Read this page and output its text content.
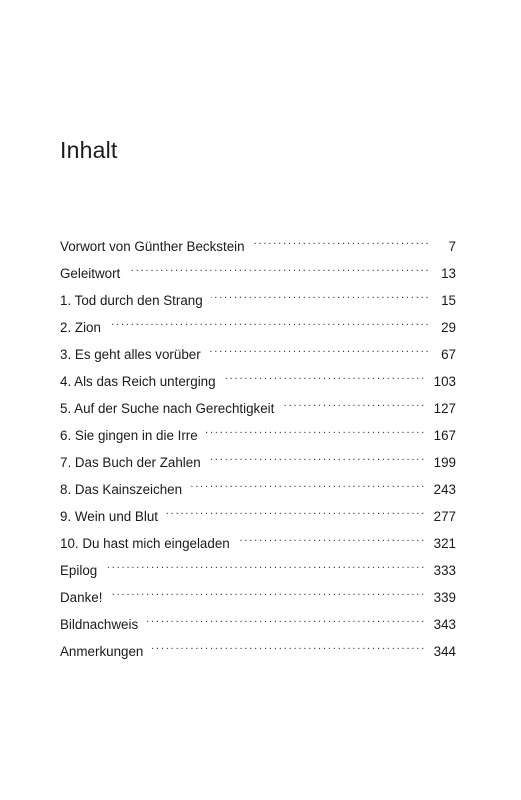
Inhalt
Vorwort von Günther Beckstein . . .	7
Geleitwort . . .	13
1. Tod durch den Strang . . .	15
2. Zion . . .	29
3. Es geht alles vorüber . . .	67
4. Als das Reich unterging . . .	103
5. Auf der Suche nach Gerechtigkeit . . .	127
6. Sie gingen in die Irre . . .	167
7. Das Buch der Zahlen . . .	199
8. Das Kainszeichen . . .	243
9. Wein und Blut . . .	277
10. Du hast mich eingeladen . . .	321
Epilog . . .	333
Danke! . . .	339
Bildnachweis . . .	343
Anmerkungen . . .	344
